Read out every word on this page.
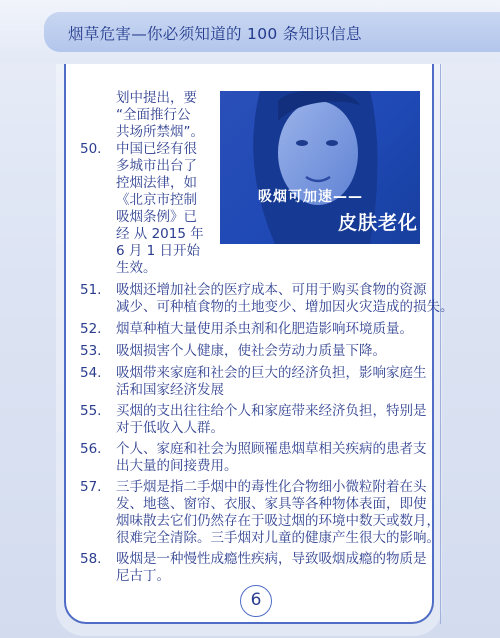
烟草危害—你必须知道的 100 条知识信息
划中提出，要
“全面推行公
共场所禁烟”。
吸烟可加速——
皮肤老化
50. 中国已经有很
多城市出台了
控烟法律，如
《北京市控制
吸烟条例》已
经 从 2015 年
6 月 1 日开始
生效。
51. 吸烟还增加社会的医疗成本、可用于购买食物的资源
减少、可种植食物的土地变少、增加因火灾造成的损失。
52. 烟草种植大量使用杀虫剂和化肥造影响环境质量。
53. 吸烟损害个人健康，使社会劳动力质量下降。
54. 吸烟带来家庭和社会的巨大的经济负担，影响家庭生
活和国家经济发展
55. 买烟的支出往往给个人和家庭带来经济负担，特别是
对于低收入人群。
56. 个人、家庭和社会为照顾罹患烟草相关疾病的患者支
出大量的间接费用。
57. 三手烟是指二手烟中的毒性化合物细小微粒附着在头
发、地毯、窗帘、衣服、家具等各种物体表面，即使
烟味散去它们仍然存在于吸过烟的环境中数天或数月，
很难完全清除。三手烟对儿童的健康产生很大的影响。
58. 吸烟是一种慢性成瘾性疾病，导致吸烟成瘾的物质是
尼古丁。
6
